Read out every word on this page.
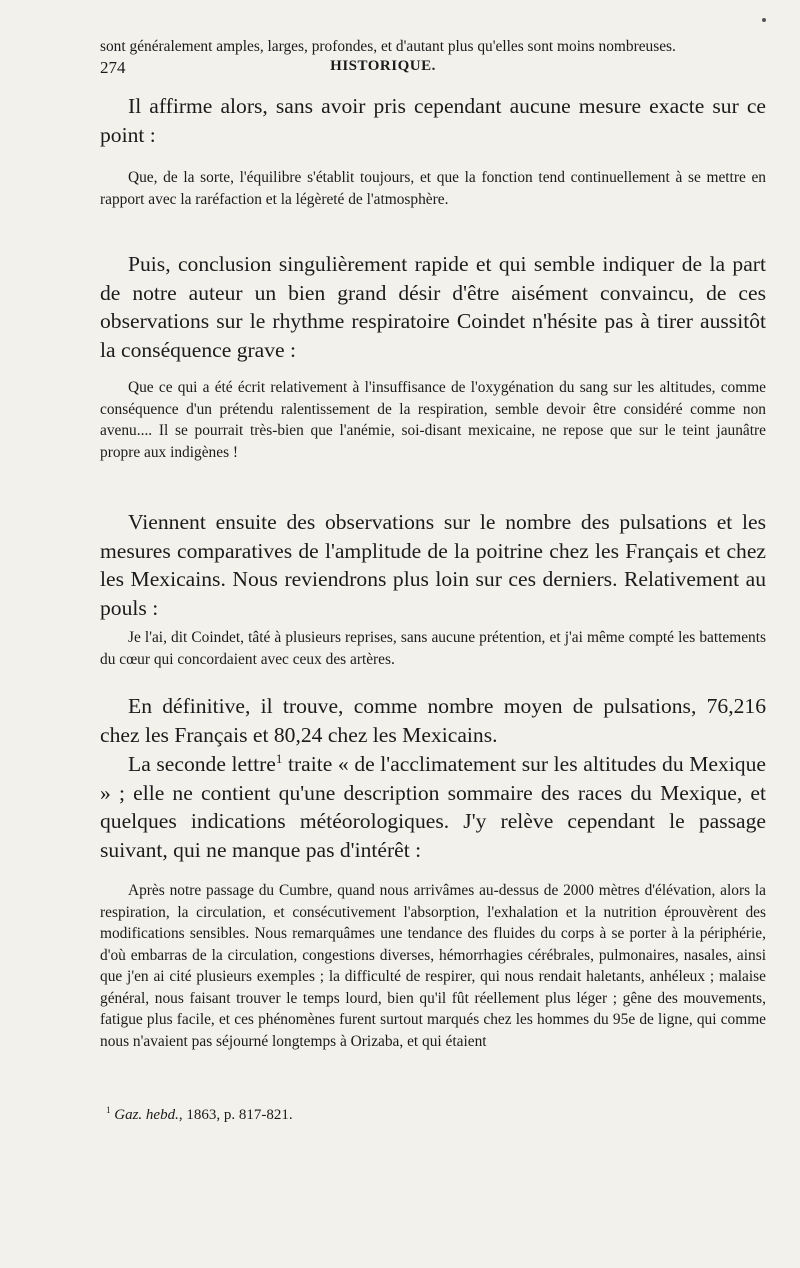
274	HISTORIQUE.

sont généralement amples, larges, profondes, et d'autant plus qu'elles sont moins nombreuses.

Il affirme alors, sans avoir pris cependant aucune mesure exacte sur ce point :

Que, de la sorte, l'équilibre s'établit toujours, et que la fonction tend continuellement à se mettre en rapport avec la raréfaction et la légèreté de l'atmosphère.

Puis, conclusion singulièrement rapide et qui semble indiquer de la part de notre auteur un bien grand désir d'être aisément convaincu, de ces observations sur le rhythme respiratoire Coindet n'hésite pas à tirer aussitôt la conséquence grave :

Que ce qui a été écrit relativement à l'insuffisance de l'oxygénation du sang sur les altitudes, comme conséquence d'un prétendu ralentissement de la respiration, semble devoir être considéré comme non avenu.... Il se pourrait très-bien que l'anémie, soi-disant mexicaine, ne repose que sur le teint jaunâtre propre aux indigènes !

Viennent ensuite des observations sur le nombre des pulsations et les mesures comparatives de l'amplitude de la poitrine chez les Français et chez les Mexicains. Nous reviendrons plus loin sur ces derniers. Relativement au pouls :

Je l'ai, dit Coindet, tâté à plusieurs reprises, sans aucune prétention, et j'ai même compté les battements du cœur qui concordaient avec ceux des artères.

En définitive, il trouve, comme nombre moyen de pulsations, 76,216 chez les Français et 80,24 chez les Mexicains.

La seconde lettre$^1$ traite « de l'acclimatement sur les altitudes du Mexique » ; elle ne contient qu'une description sommaire des races du Mexique, et quelques indications météorologiques. J'y relève cependant le passage suivant, qui ne manque pas d'intérêt :

Après notre passage du Cumbre, quand nous arrivâmes au-dessus de 2000 mètres d'élévation, alors la respiration, la circulation, et consécutivement l'absorption, l'exhalation et la nutrition éprouvèrent des modifications sensibles. Nous remarquâmes une tendance des fluides du corps à se porter à la périphérie, d'où embarras de la circulation, congestions diverses, hémorrhagies cérébrales, pulmonaires, nasales, ainsi que j'en ai cité plusieurs exemples ; la difficulté de respirer, qui nous rendait haletants, anhéleux ; malaise général, nous faisant trouver le temps lourd, bien qu'il fût réellement plus léger ; gêne des mouvements, fatigue plus facile, et ces phénomènes furent surtout marqués chez les hommes du 95e de ligne, qui comme nous n'avaient pas séjourné longtemps à Orizaba, et qui étaient

$^1$ Gaz. hebd., 1863, p. 817-821.
